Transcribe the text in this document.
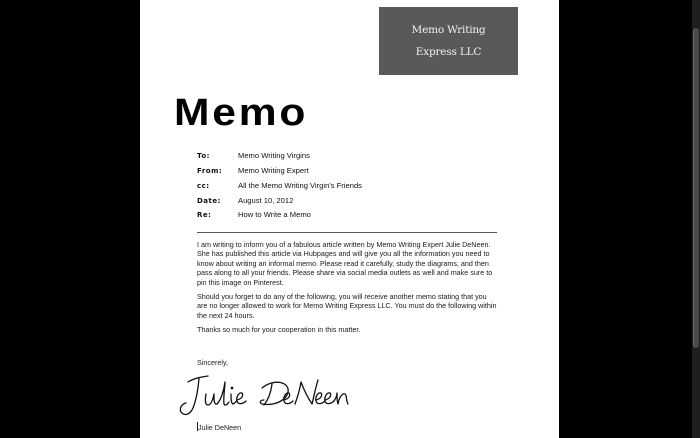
Memo Writing
Express LLC
Memo
To:	Memo Writing Virgins
From:	Memo Writing Expert
cc:	All the Memo Writing Virgin's Friends
Date:	August 10, 2012
Re:	How to Write a Memo

I am writing to inform you of a fabulous article written by Memo Writing Expert Julie DeNeen. She has published this article via Hubpages and will give you all the information you need to know about writing an informal memo. Please read it carefully, study the diagrams, and then pass along to all your friends. Please share via social media outlets as well and make sure to pin this image on Pinterest.

Should you forget to do any of the following, you will receive another memo stating that you are no longer allowed to work for Memo Writing Express LLC. You must do the following within the next 24 hours.

Thanks so much for your cooperation in this matter.

Sincerely,
Julie DeNeen
